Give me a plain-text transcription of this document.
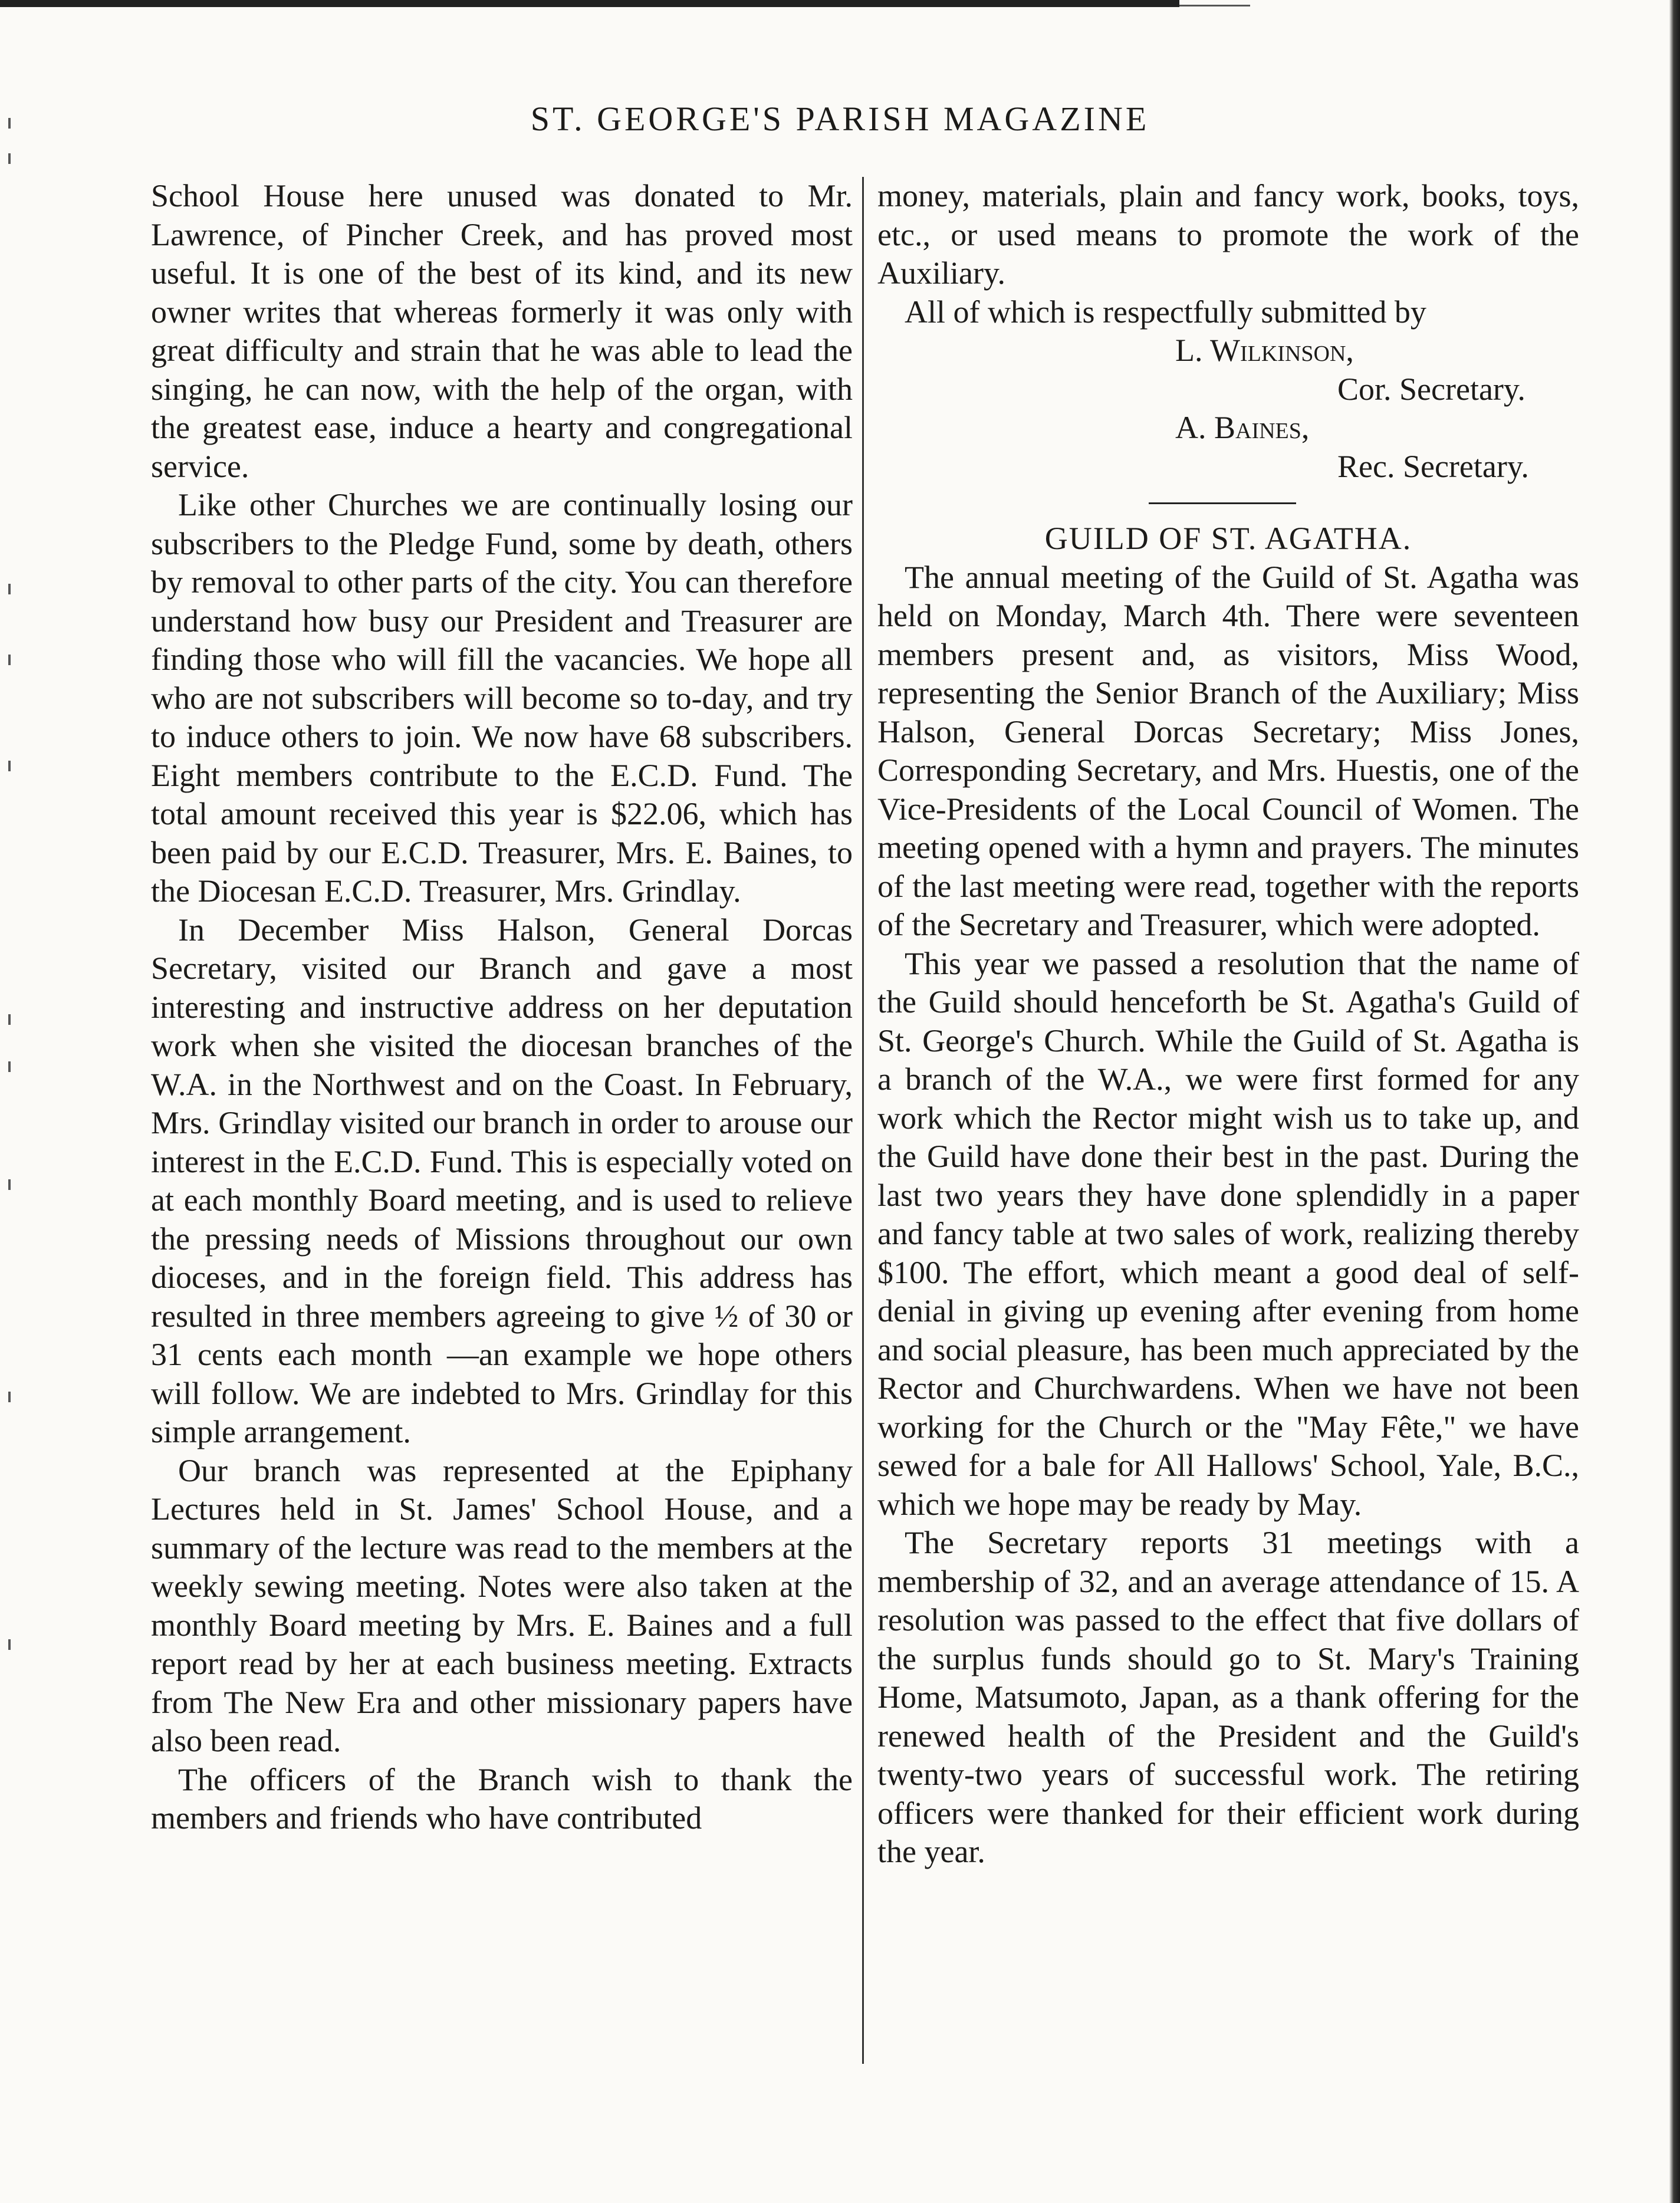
ST. GEORGE'S PARISH MAGAZINE

School House here unused was donated to Mr. Lawrence, of Pincher Creek, and has proved most useful. It is one of the best of its kind, and its new owner writes that whereas formerly it was only with great difficulty and strain that he was able to lead the singing, he can now, with the help of the organ, with the greatest ease, induce a hearty and congregational service.

Like other Churches we are continually losing our subscribers to the Pledge Fund, some by death, others by removal to other parts of the city. You can therefore understand how busy our President and Treasurer are finding those who will fill the vacancies. We hope all who are not subscribers will become so to-day, and try to induce others to join. We now have 68 subscribers. Eight members contribute to the E.C.D. Fund. The total amount received this year is $22.06, which has been paid by our E.C.D. Treasurer, Mrs. E. Baines, to the Diocesan E.C.D. Treasurer, Mrs. Grindlay.

In December Miss Halson, General Dorcas Secretary, visited our Branch and gave a most interesting and instructive address on her deputation work when she visited the diocesan branches of the W.A. in the Northwest and on the Coast. In February, Mrs. Grindlay visited our branch in order to arouse our interest in the E.C.D. Fund. This is especially voted on at each monthly Board meeting, and is used to relieve the pressing needs of Missions throughout our own dioceses, and in the foreign field. This address has resulted in three members agreeing to give ½ of 30 or 31 cents each month —an example we hope others will follow. We are indebted to Mrs. Grindlay for this simple arrangement.

Our branch was represented at the Epiphany Lectures held in St. James' School House, and a summary of the lecture was read to the members at the weekly sewing meeting. Notes were also taken at the monthly Board meeting by Mrs. E. Baines and a full report read by her at each business meeting. Extracts from The New Era and other missionary papers have also been read.

The officers of the Branch wish to thank the members and friends who have contributed

money, materials, plain and fancy work, books, toys, etc., or used means to promote the work of the Auxiliary.

All of which is respectfully submitted by

L. Wilkinson,
Cor. Secretary.
A. Baines,
Rec. Secretary.
GUILD OF ST. AGATHA.

The annual meeting of the Guild of St. Agatha was held on Monday, March 4th. There were seventeen members present and, as visitors, Miss Wood, representing the Senior Branch of the Auxiliary; Miss Halson, General Dorcas Secretary; Miss Jones, Corresponding Secretary, and Mrs. Huestis, one of the Vice-Presidents of the Local Council of Women. The meeting opened with a hymn and prayers. The minutes of the last meeting were read, together with the reports of the Secretary and Treasurer, which were adopted.

This year we passed a resolution that the name of the Guild should henceforth be St. Agatha's Guild of St. George's Church. While the Guild of St. Agatha is a branch of the W.A., we were first formed for any work which the Rector might wish us to take up, and the Guild have done their best in the past. During the last two years they have done splendidly in a paper and fancy table at two sales of work, realizing thereby $100. The effort, which meant a good deal of self-denial in giving up evening after evening from home and social pleasure, has been much appreciated by the Rector and Churchwardens. When we have not been working for the Church or the "May Fête," we have sewed for a bale for All Hallows' School, Yale, B.C., which we hope may be ready by May.

The Secretary reports 31 meetings with a membership of 32, and an average attendance of 15. A resolution was passed to the effect that five dollars of the surplus funds should go to St. Mary's Training Home, Matsumoto, Japan, as a thank offering for the renewed health of the President and the Guild's twenty-two years of successful work. The retiring officers were thanked for their efficient work during the year.
